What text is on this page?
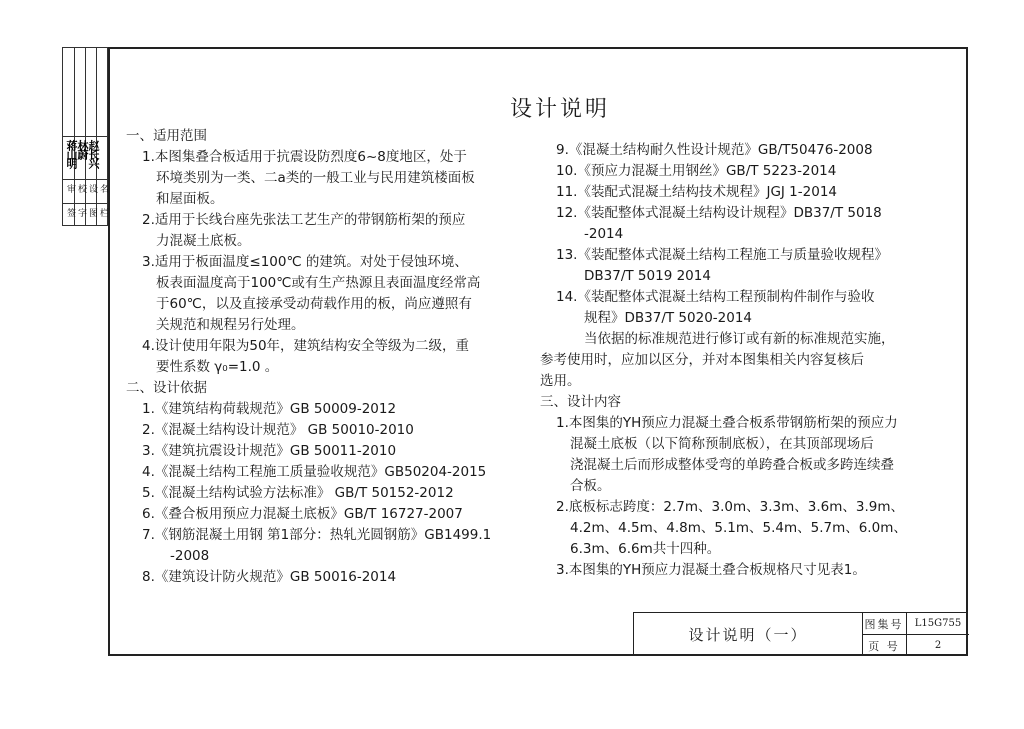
蒋山明
林蔚
赵长兴
审 校 设
签 字 图
名
栏
设计说明
一、适用范围
1.本图集叠合板适用于抗震设防烈度6~8度地区，处于
环境类别为一类、二a类的一般工业与民用建筑楼面板
和屋面板。
2.适用于长线台座先张法工艺生产的带钢筋桁架的预应
力混凝土底板。
3.适用于板面温度≤100℃ 的建筑。对处于侵蚀环境、
板表面温度高于100℃或有生产热源且表面温度经常高
于60℃，以及直接承受动荷载作用的板，尚应遵照有
关规范和规程另行处理。
4.设计使用年限为50年，建筑结构安全等级为二级，重
要性系数 γ₀=1.0 。
二、设计依据
1.《建筑结构荷载规范》GB 50009-2012
2.《混凝土结构设计规范》 GB 50010-2010
3.《建筑抗震设计规范》GB 50011-2010
4.《混凝土结构工程施工质量验收规范》GB50204-2015
5.《混凝土结构试验方法标准》 GB/T 50152-2012
6.《叠合板用预应力混凝土底板》GB/T 16727-2007
7.《钢筋混凝土用钢 第1部分：热轧光圆钢筋》GB1499.1
-2008
8.《建筑设计防火规范》GB 50016-2014
9.《混凝土结构耐久性设计规范》GB/T50476-2008
10.《预应力混凝土用钢丝》GB/T 5223-2014
11.《装配式混凝土结构技术规程》JGJ 1-2014
12.《装配整体式混凝土结构设计规程》DB37/T 5018
-2014
13.《装配整体式混凝土结构工程施工与质量验收规程》
DB37/T 5019 2014
14.《装配整体式混凝土结构工程预制构件制作与验收
规程》DB37/T 5020-2014
当依据的标准规范进行修订或有新的标准规范实施，
参考使用时，应加以区分，并对本图集相关内容复核后
选用。
三、设计内容
1.本图集的YH预应力混凝土叠合板系带钢筋桁架的预应力
混凝土底板（以下简称预制底板），在其顶部现场后
浇混凝土后而形成整体受弯的单跨叠合板或多跨连续叠
合板。
2.底板标志跨度：2.7m、3.0m、3.3m、3.6m、3.9m、
4.2m、4.5m、4.8m、5.1m、5.4m、5.7m、6.0m、
6.3m、6.6m共十四种。
3.本图集的YH预应力混凝土叠合板规格尺寸见表1。
设计说明（一）
图集号	L15G755
页 号	2
